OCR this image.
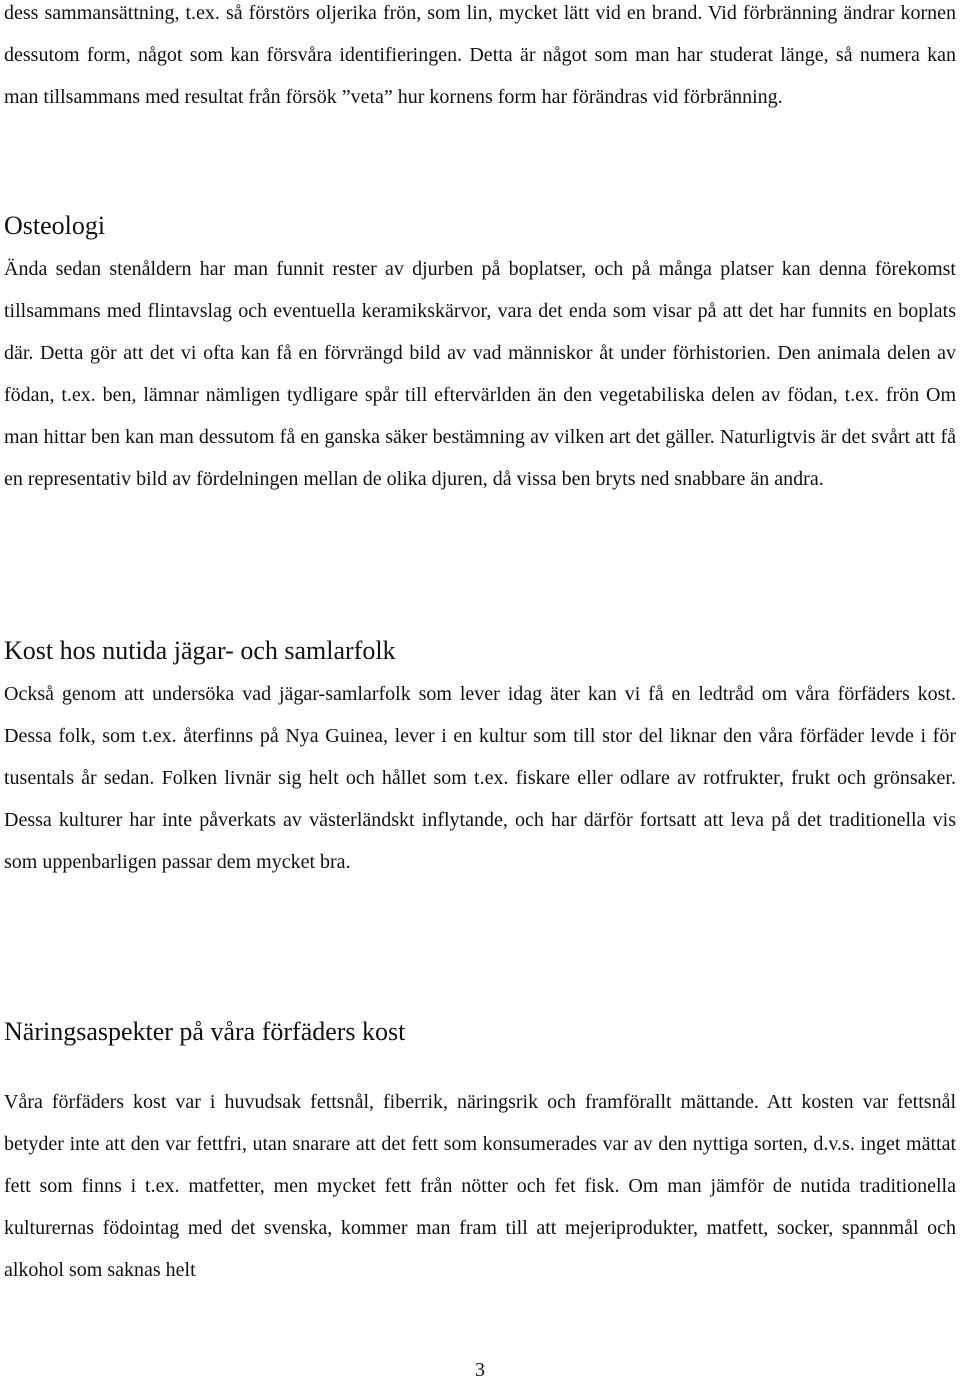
dess sammansättning, t.ex. så förstörs oljerika frön, som lin, mycket lätt vid en brand. Vid förbränning ändrar kornen dessutom form, något som kan försvåra identifieringen. Detta är något som man har studerat länge, så numera kan man tillsammans med resultat från försök ”veta” hur kornens form har förändras vid förbränning.

Osteologi

Ända sedan stenåldern har man funnit rester av djurben på boplatser, och på många platser kan denna förekomst tillsammans med flintavslag och eventuella keramikskärvor, vara det enda som visar på att det har funnits en boplats där. Detta gör att det vi ofta kan få en förvrängd bild av vad människor åt under förhistorien. Den animala delen av födan, t.ex. ben, lämnar nämligen tydligare spår till eftervärlden än den vegetabiliska delen av födan, t.ex. frön Om man hittar ben kan man dessutom få en ganska säker bestämning av vilken art det gäller. Naturligtvis är det svårt att få en representativ bild av fördelningen mellan de olika djuren, då vissa ben bryts ned snabbare än andra.

Kost hos nutida jägar- och samlarfolk

Också genom att undersöka vad jägar-samlarfolk som lever idag äter kan vi få en ledtråd om våra förfäders kost. Dessa folk, som t.ex. återfinns på Nya Guinea, lever i en kultur som till stor del liknar den våra förfäder levde i för tusentals år sedan. Folken livnär sig helt och hållet som t.ex. fiskare eller odlare av rotfrukter, frukt och grönsaker. Dessa kulturer har inte påverkats av västerländskt inflytande, och har därför fortsatt att leva på det traditionella vis som uppenbarligen passar dem mycket bra.

Näringsaspekter på våra förfäders kost

Våra förfäders kost var i huvudsak fettsnål, fiberrik, näringsrik och framförallt mättande. Att kosten var fettsnål betyder inte att den var fettfri, utan snarare att det fett som konsumerades var av den nyttiga sorten, d.v.s. inget mättat fett som finns i t.ex. matfetter, men mycket fett från nötter och fet fisk. Om man jämför de nutida traditionella kulturernas födointag med det svenska, kommer man fram till att mejeriprodukter, matfett, socker, spannmål och alkohol som saknas helt

3
